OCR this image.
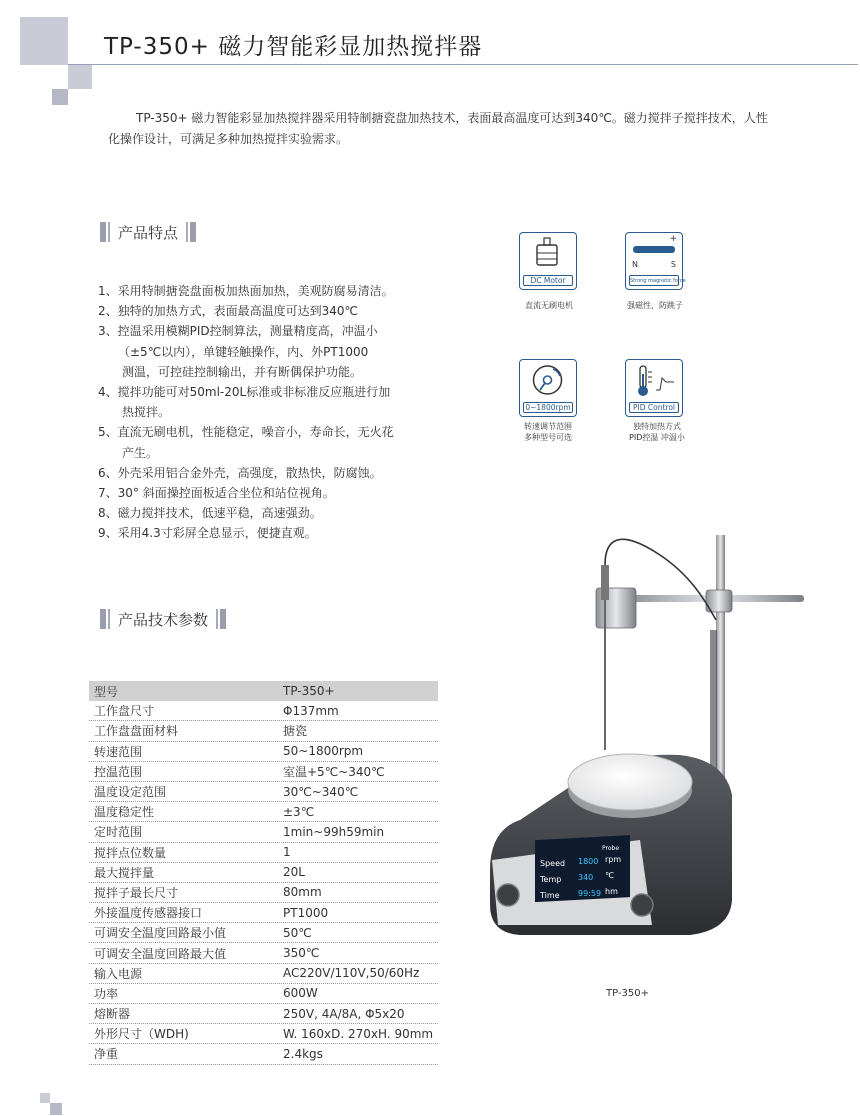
TP-350+ 磁力智能彩显加热搅拌器

TP-350+ 磁力智能彩显加热搅拌器采用特制搪瓷盘加热技术，表面最高温度可达到340℃。磁力搅拌子搅拌技术，人性化操作设计，可满足多种加热搅拌实验需求。

产品特点
1、采用特制搪瓷盘面板加热面加热，美观防腐易清洁。
2、独特的加热方式，表面最高温度可达到340℃
3、控温采用模糊PID控制算法，测量精度高，冲温小
（±5℃以内），单键轻触操作，内、外PT1000
测温，可控硅控制输出，并有断偶保护功能。
4、搅拌功能可对50ml-20L标准或非标准反应瓶进行加
热搅拌。
5、直流无刷电机，性能稳定，噪音小，寿命长，无火花
产生。
6、外壳采用铝合金外壳，高强度，散热快，防腐蚀。
7、30° 斜面操控面板适合坐位和站位视角。
8、磁力搅拌技术，低速平稳，高速强劲。
9、采用4.3寸彩屏全息显示，便捷直观。
DC Motor
直流无刷电机
+
N	S
Strong magnetic force
强磁性，防跳子
0~1800rpm
转速调节范围
多种型号可选
PID Control
独特加热方式
PID控温 冲温小
产品技术参数
型号	TP-350+
工作盘尺寸	Φ137mm
工作盘盘面材料	搪瓷
转速范围	50~1800rpm
控温范围	室温+5℃~340℃
温度设定范围	30℃~340℃
温度稳定性	±3℃
定时范围	1min~99h59min
搅拌点位数量	1
最大搅拌量	20L
搅拌子最长尺寸	80mm
外接温度传感器接口	PT1000
可调安全温度回路最小值	50℃
可调安全温度回路最大值	350℃
输入电源	AC220V/110V,50/60Hz
功率	600W
熔断器	250V, 4A/8A, Φ5x20
外形尺寸（WDH)	W. 160xD. 270xH. 90mm
净重	2.4kgs
Speed 1800 rpm
Temp 340 ℃
Time 99:59 hm
Probe
TP-350+
